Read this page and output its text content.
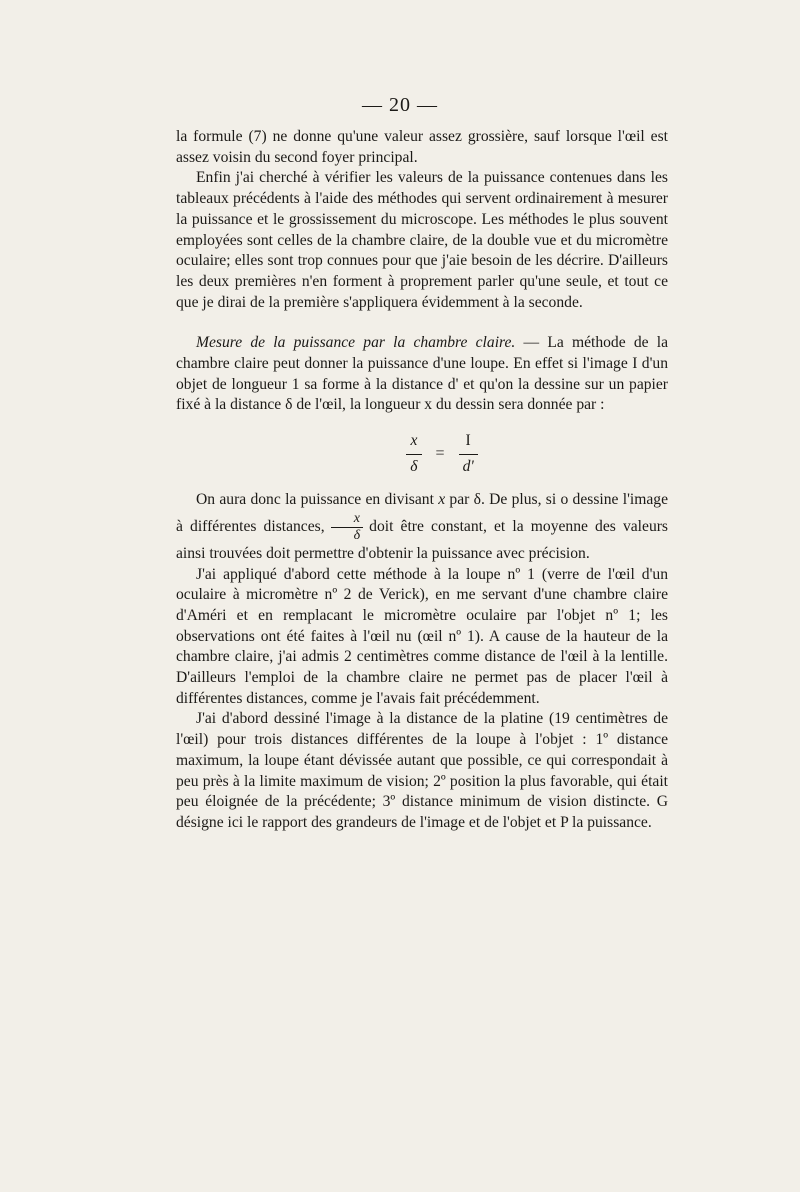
— 20 —

la formule (7) ne donne qu'une valeur assez grossière, sauf lorsque l'œil est assez voisin du second foyer principal.

Enfin j'ai cherché à vérifier les valeurs de la puissance contenues dans les tableaux précédents à l'aide des méthodes qui servent ordinairement à mesurer la puissance et le grossissement du microscope. Les méthodes le plus souvent employées sont celles de la chambre claire, de la double vue et du micromètre oculaire; elles sont trop connues pour que j'aie besoin de les décrire. D'ailleurs les deux premières n'en forment à proprement parler qu'une seule, et tout ce que je dirai de la première s'appliquera évidemment à la seconde.

Mesure de la puissance par la chambre claire. — La méthode de la chambre claire peut donner la puissance d'une loupe. En effet si l'image I d'un objet de longueur 1 sa forme à la distance d' et qu'on la dessine sur un papier fixé à la distance δ de l'œil, la longueur x du dessin sera donnée par :

$\frac{x}{\delta} = \frac{I}{d'}$

On aura donc la puissance en divisant x par δ. De plus, si o dessine l'image à différentes distances, $\frac{x}{\delta}$ doit être constant, et la moyenne des valeurs ainsi trouvées doit permettre d'obtenir la puissance avec précision.

J'ai appliqué d'abord cette méthode à la loupe nº 1 (verre de l'œil d'un oculaire à micromètre nº 2 de Verick), en me servant d'une chambre claire d'Améri et en remplacant le micromètre oculaire par l'objet nº 1; les observations ont été faites à l'œil nu (œil nº 1). A cause de la hauteur de la chambre claire, j'ai admis 2 centimètres comme distance de l'œil à la lentille. D'ailleurs l'emploi de la chambre claire ne permet pas de placer l'œil à différentes distances, comme je l'avais fait précédemment.

J'ai d'abord dessiné l'image à la distance de la platine (19 centimètres de l'œil) pour trois distances différentes de la loupe à l'objet : 1º distance maximum, la loupe étant dévissée autant que possible, ce qui correspondait à peu près à la limite maximum de vision; 2º position la plus favorable, qui était peu éloignée de la précédente; 3º distance minimum de vision distincte. G désigne ici le rapport des grandeurs de l'image et de l'objet et P la puissance.
